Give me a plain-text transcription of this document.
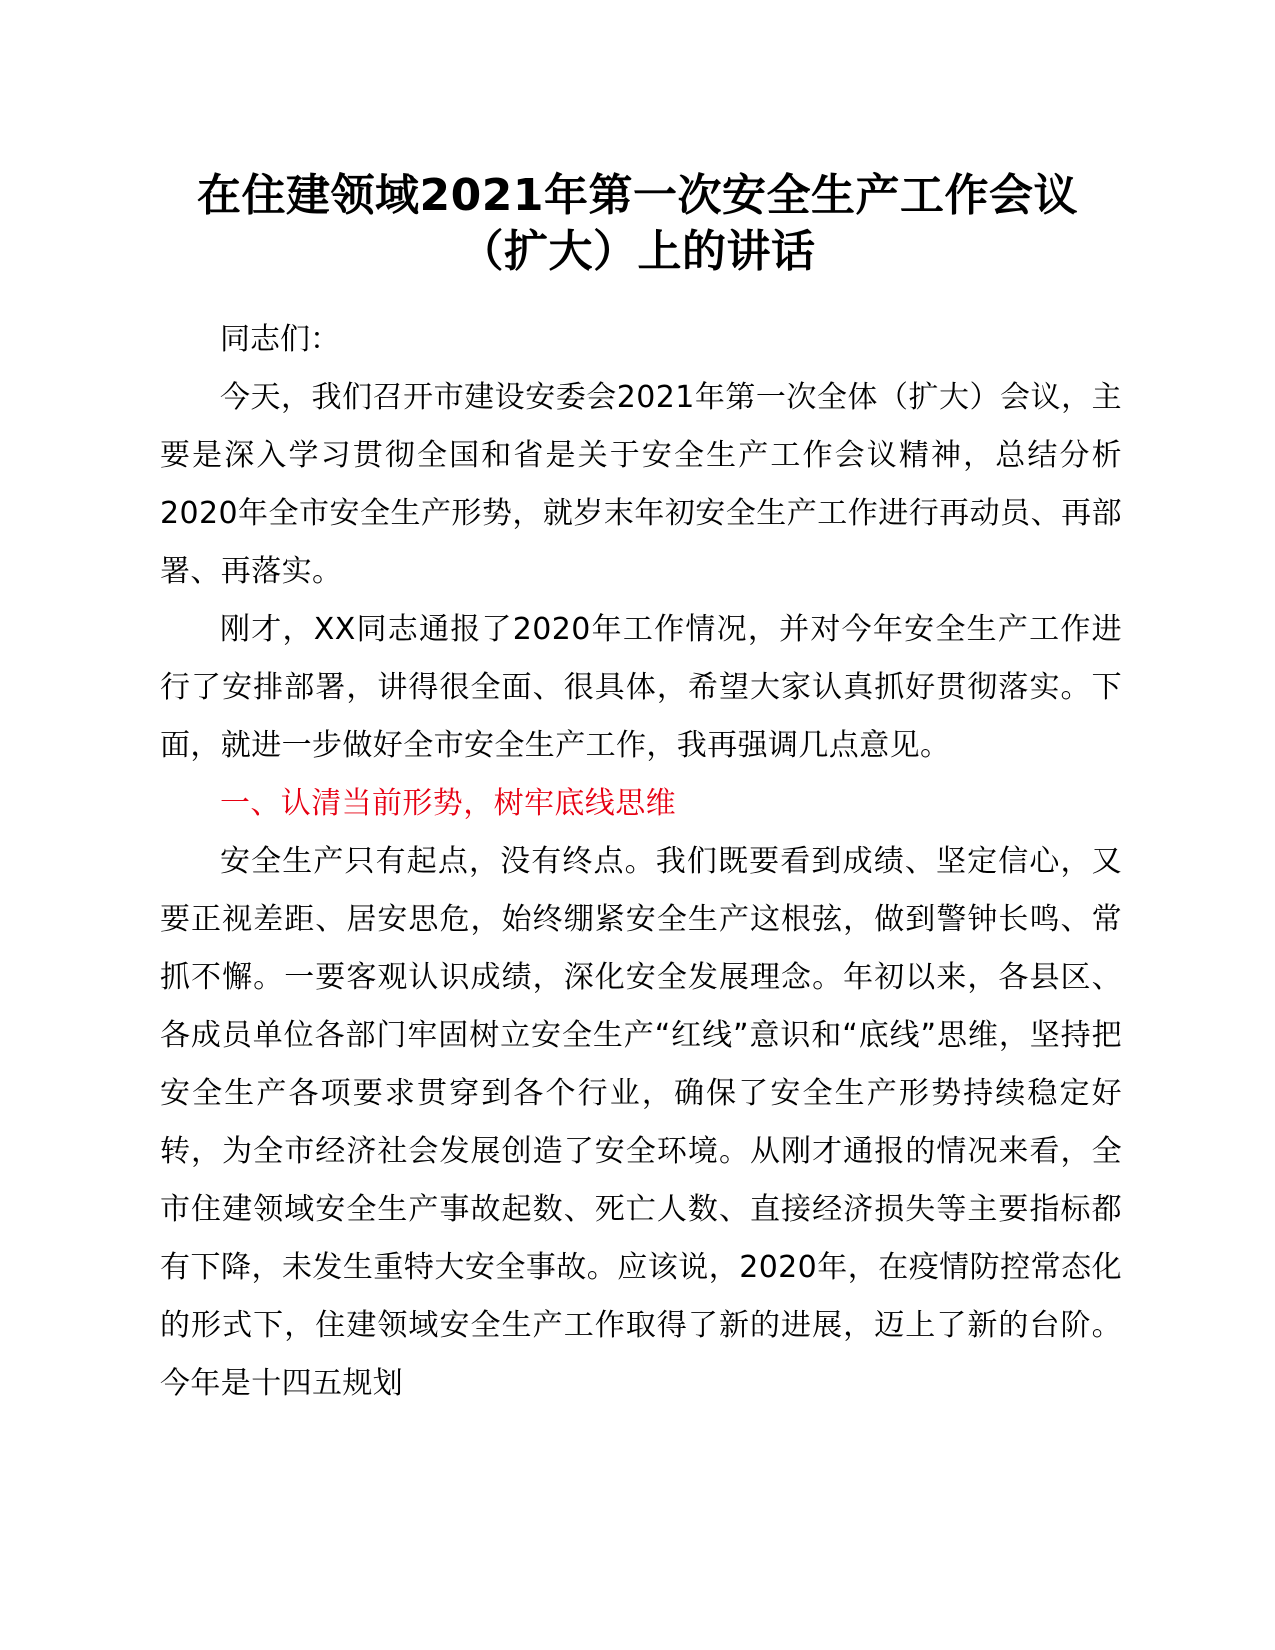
在住建领域2021年第一次安全生产工作会议
（扩大）上的讲话

同志们：

今天，我们召开市建设安委会2021年第一次全体（扩大）会议，主要是深入学习贯彻全国和省是关于安全生产工作会议精神，总结分析2020年全市安全生产形势，就岁末年初安全生产工作进行再动员、再部署、再落实。

刚才，XX同志通报了2020年工作情况，并对今年安全生产工作进行了安排部署，讲得很全面、很具体，希望大家认真抓好贯彻落实。下面，就进一步做好全市安全生产工作，我再强调几点意见。

一、认清当前形势，树牢底线思维

安全生产只有起点，没有终点。我们既要看到成绩、坚定信心，又要正视差距、居安思危，始终绷紧安全生产这根弦，做到警钟长鸣、常抓不懈。一要客观认识成绩，深化安全发展理念。年初以来，各县区、各成员单位各部门牢固树立安全生产“红线”意识和“底线”思维，坚持把安全生产各项要求贯穿到各个行业，确保了安全生产形势持续稳定好转，为全市经济社会发展创造了安全环境。从刚才通报的情况来看，全市住建领域安全生产事故起数、死亡人数、直接经济损失等主要指标都有下降，未发生重特大安全事故。应该说，2020年，在疫情防控常态化的形式下，住建领域安全生产工作取得了新的进展，迈上了新的台阶。今年是十四五规划
